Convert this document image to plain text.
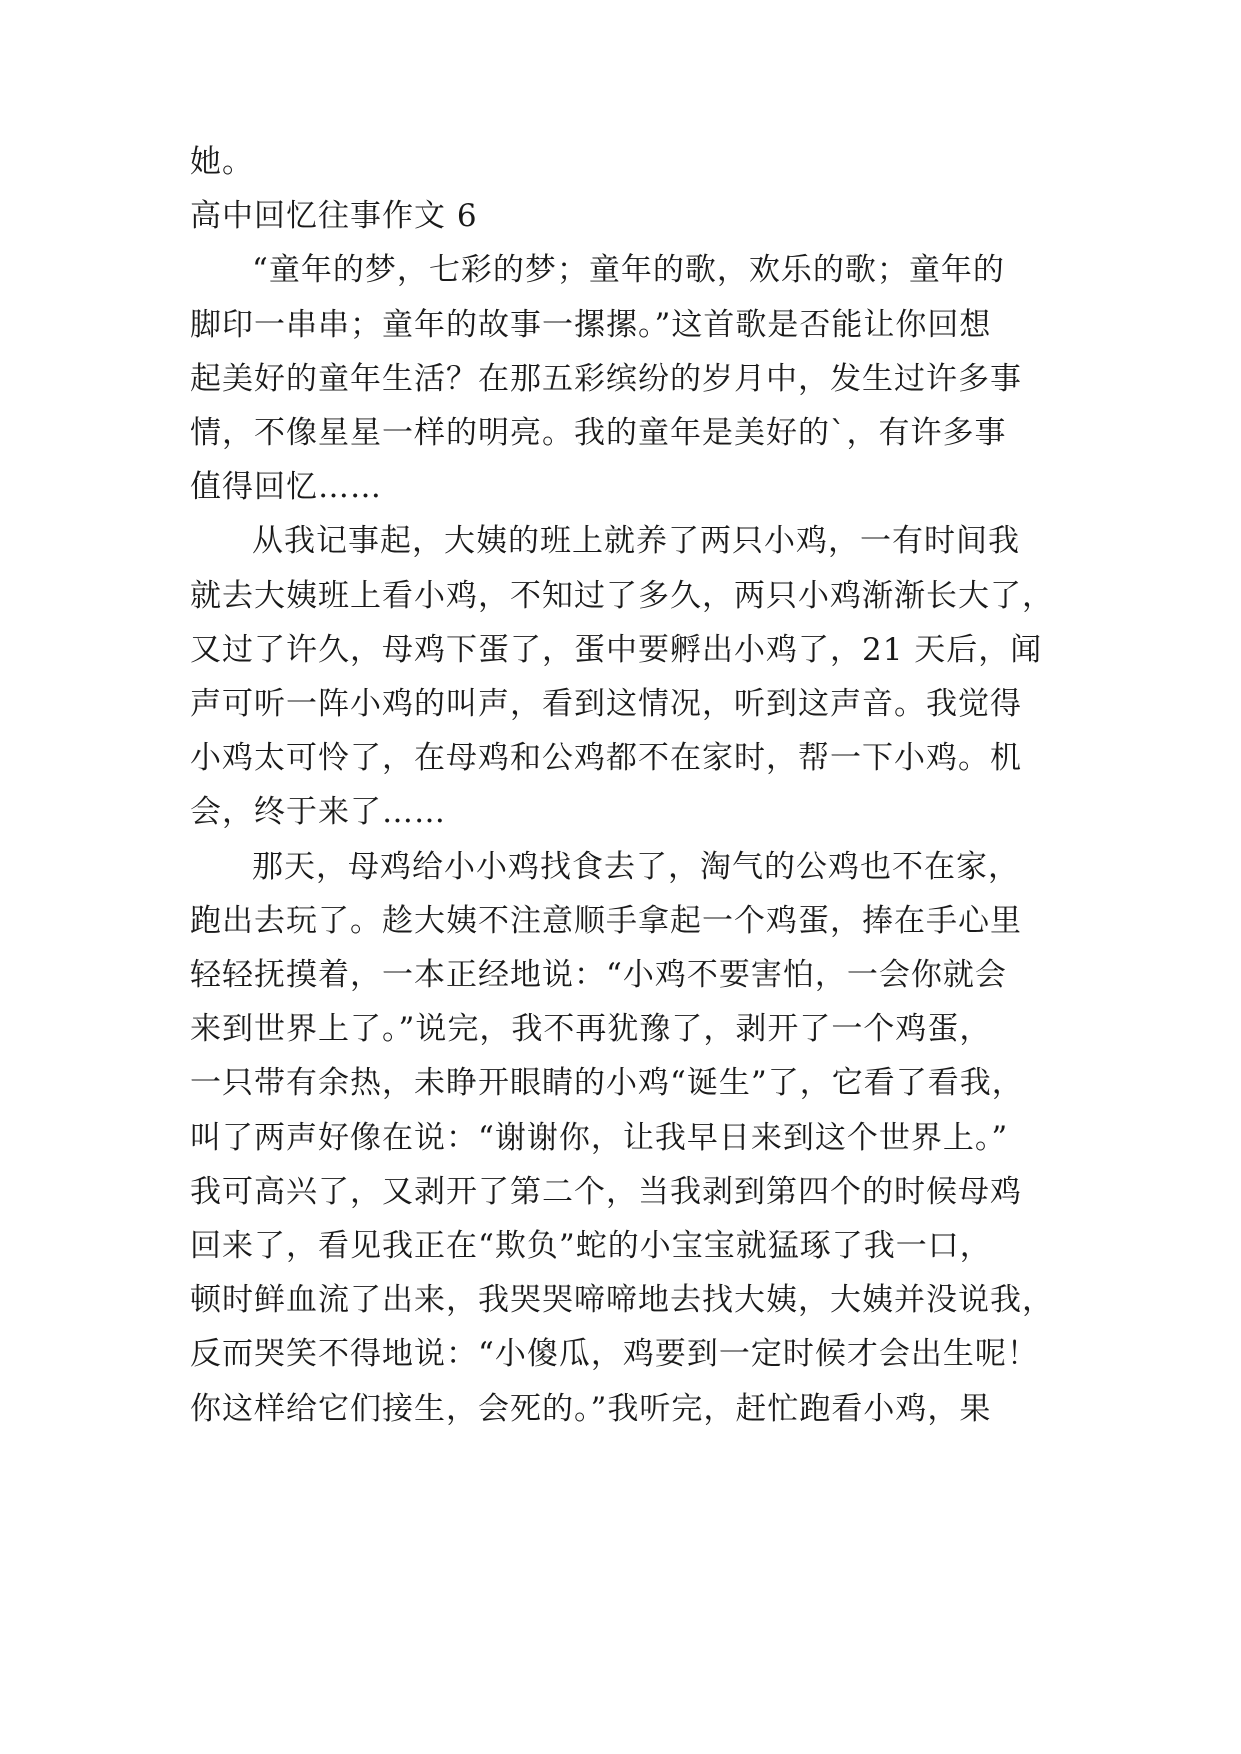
她。
高中回忆往事作文 6
“童年的梦，七彩的梦；童年的歌，欢乐的歌；童年的
脚印一串串；童年的故事一摞摞。”这首歌是否能让你回想
起美好的童年生活？在那五彩缤纷的岁月中，发生过许多事
情，不像星星一样的明亮。我的童年是美好的`，有许多事
值得回忆……
从我记事起，大姨的班上就养了两只小鸡，一有时间我
就去大姨班上看小鸡，不知过了多久，两只小鸡渐渐长大了，
又过了许久，母鸡下蛋了，蛋中要孵出小鸡了，21 天后，闻
声可听一阵小鸡的叫声，看到这情况，听到这声音。我觉得
小鸡太可怜了，在母鸡和公鸡都不在家时，帮一下小鸡。机
会，终于来了……
那天，母鸡给小小鸡找食去了，淘气的公鸡也不在家，
跑出去玩了。趁大姨不注意顺手拿起一个鸡蛋，捧在手心里
轻轻抚摸着，一本正经地说：“小鸡不要害怕，一会你就会
来到世界上了。”说完，我不再犹豫了，剥开了一个鸡蛋，
一只带有余热，未睁开眼睛的小鸡“诞生”了，它看了看我，
叫了两声好像在说：“谢谢你，让我早日来到这个世界上。”
我可高兴了，又剥开了第二个，当我剥到第四个的时候母鸡
回来了，看见我正在“欺负”蛇的小宝宝就猛琢了我一口，
顿时鲜血流了出来，我哭哭啼啼地去找大姨，大姨并没说我，
反而哭笑不得地说：“小傻瓜，鸡要到一定时候才会出生呢！
你这样给它们接生，会死的。”我听完，赶忙跑看小鸡，果
